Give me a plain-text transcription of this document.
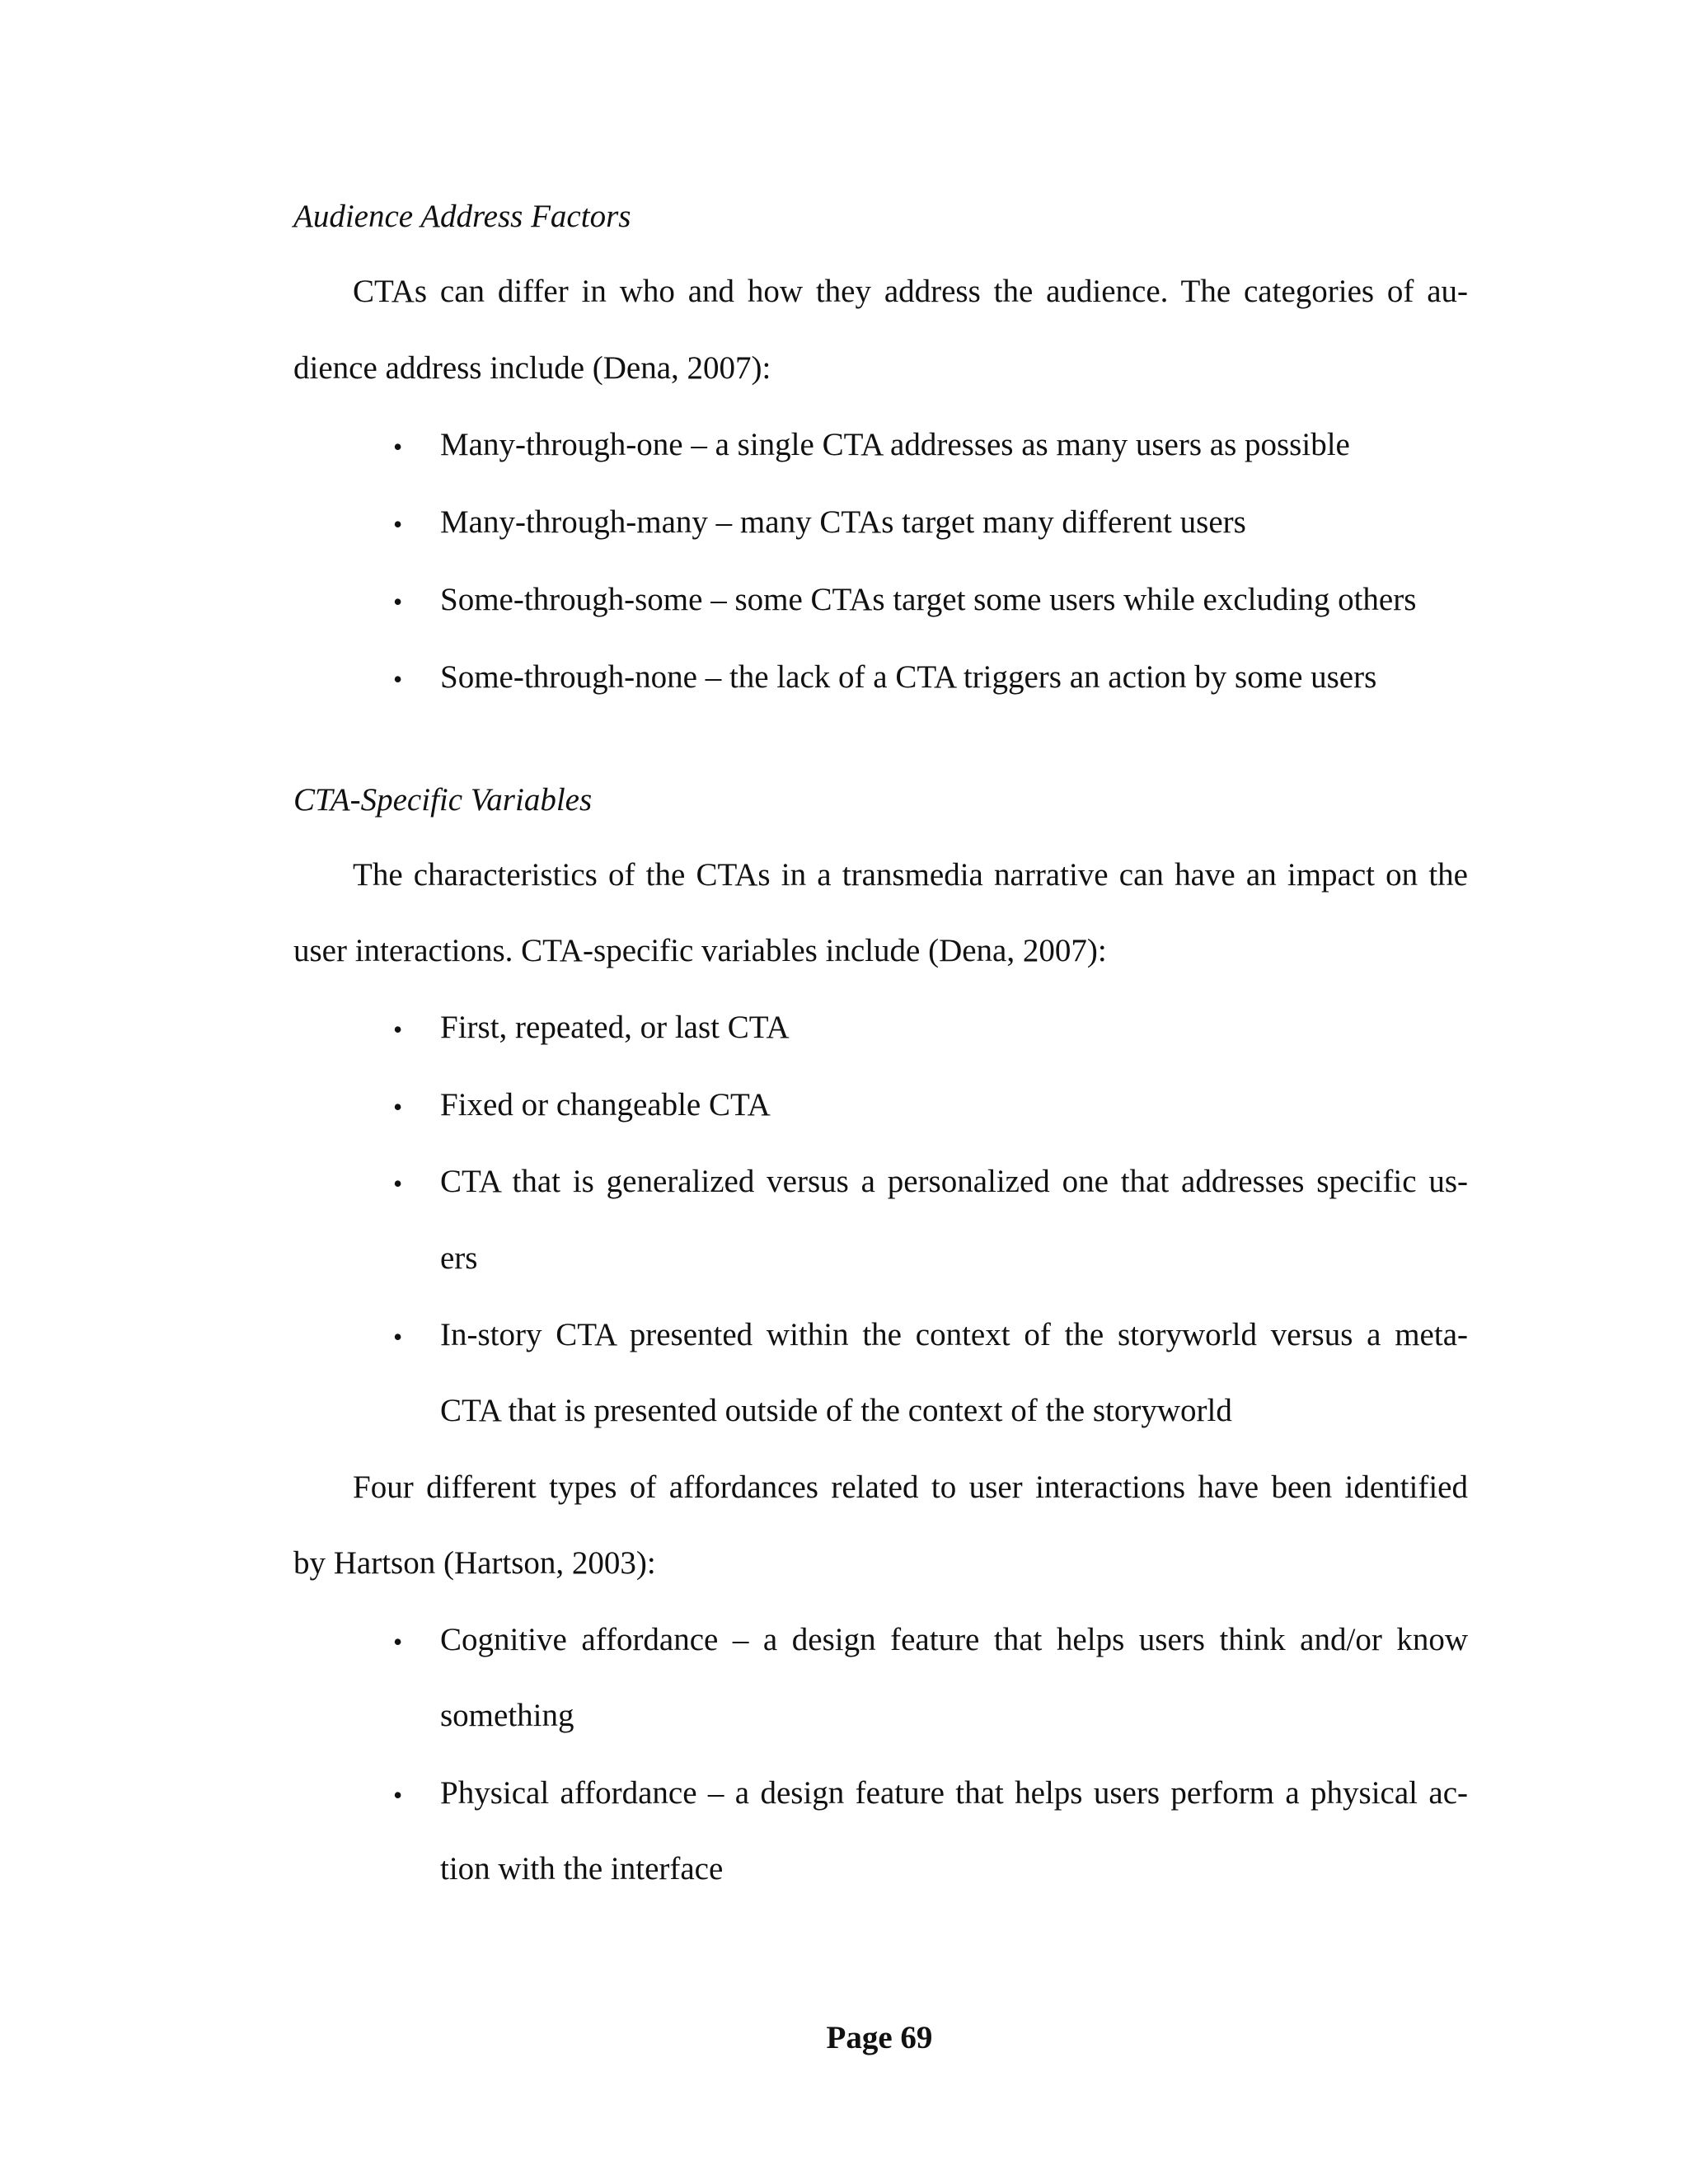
Audience Address Factors
CTAs can differ in who and how they address the audience. The categories of au-
dience address include (Dena, 2007):
• Many-through-one – a single CTA addresses as many users as possible
• Many-through-many – many CTAs target many different users
• Some-through-some – some CTAs target some users while excluding others
• Some-through-none – the lack of a CTA triggers an action by some users
CTA-Specific Variables
The characteristics of the CTAs in a transmedia narrative can have an impact on the
user interactions. CTA-specific variables include (Dena, 2007):
• First, repeated, or last CTA
• Fixed or changeable CTA
• CTA that is generalized versus a personalized one that addresses specific us-
ers
• In-story CTA presented within the context of the storyworld versus a meta-
CTA that is presented outside of the context of the storyworld
Four different types of affordances related to user interactions have been identified
by Hartson (Hartson, 2003):
• Cognitive affordance – a design feature that helps users think and/or know
something
• Physical affordance – a design feature that helps users perform a physical ac-
tion with the interface
Page 69
